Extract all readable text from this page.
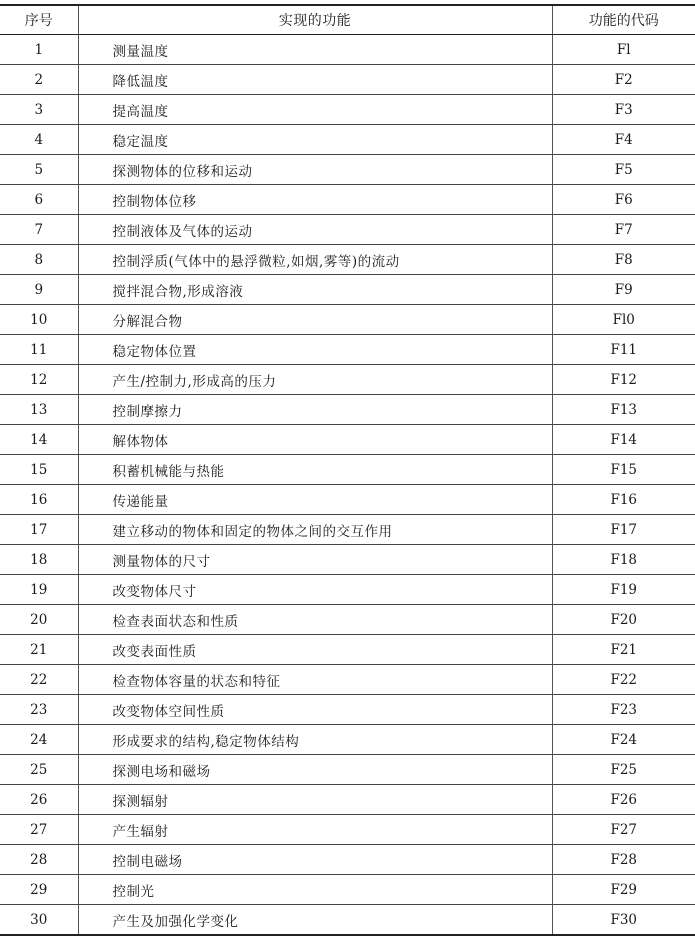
序号	实现的功能	功能的代码
1	测量温度	Fl
2	降低温度	F2
3	提高温度	F3
4	稳定温度	F4
5	探测物体的位移和运动	F5
6	控制物体位移	F6
7	控制液体及气体的运动	F7
8	控制浮质(气体中的悬浮微粒,如烟,雾等)的流动	F8
9	搅拌混合物,形成溶液	F9
10	分解混合物	Fl0
11	稳定物体位置	F11
12	产生/控制力,形成高的压力	F12
13	控制摩擦力	F13
14	解体物体	F14
15	积蓄机械能与热能	F15
16	传递能量	F16
17	建立移动的物体和固定的物体之间的交互作用	F17
18	测量物体的尺寸	F18
19	改变物体尺寸	F19
20	检查表面状态和性质	F20
21	改变表面性质	F21
22	检查物体容量的状态和特征	F22
23	改变物体空间性质	F23
24	形成要求的结构,稳定物体结构	F24
25	探测电场和磁场	F25
26	探测辐射	F26
27	产生辐射	F27
28	控制电磁场	F28
29	控制光	F29
30	产生及加强化学变化	F30
